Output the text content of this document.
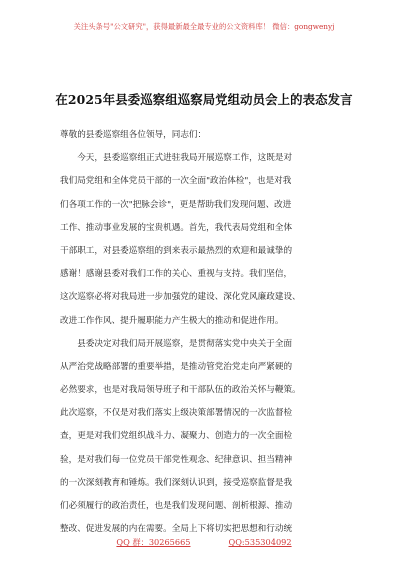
关注头条号"公文研究"，获得最新最全最专业的公文资料库！ 微信：gongwenyj
在2025年县委巡察组巡察局党组动员会上的表态发言
尊敬的县委巡察组各位领导，同志们：
　　今天，县委巡察组正式进驻我局开展巡察工作，这既是对
我们局党组和全体党员干部的一次全面"政治体检"，也是对我
们各项工作的一次"把脉会诊"，更是帮助我们发现问题、改进
工作、推动事业发展的宝贵机遇。首先，我代表局党组和全体
干部职工，对县委巡察组的到来表示最热烈的欢迎和最诚挚的
感谢！感谢县委对我们工作的关心、重视与支持。我们坚信，
这次巡察必将对我局进一步加强党的建设、深化党风廉政建设、
改进工作作风、提升履职能力产生极大的推动和促进作用。
　　县委决定对我们局开展巡察，是贯彻落实党中央关于全面
从严治党战略部署的重要举措，是推动管党治党走向严紧硬的
必然要求，也是对我局领导班子和干部队伍的政治关怀与鞭策。
此次巡察，不仅是对我们落实上级决策部署情况的一次监督检
查，更是对我们党组织战斗力、凝聚力、创造力的一次全面检
验，是对我们每一位党员干部党性观念、纪律意识、担当精神
的一次深刻教育和锤炼。我们深刻认识到，接受巡察监督是我
们必须履行的政治责任，也是我们发现问题、剖析根源、推动
整改、促进发展的内在需要。全局上下将切实把思想和行动统
QQ 群：30265665	QQ:535304092
